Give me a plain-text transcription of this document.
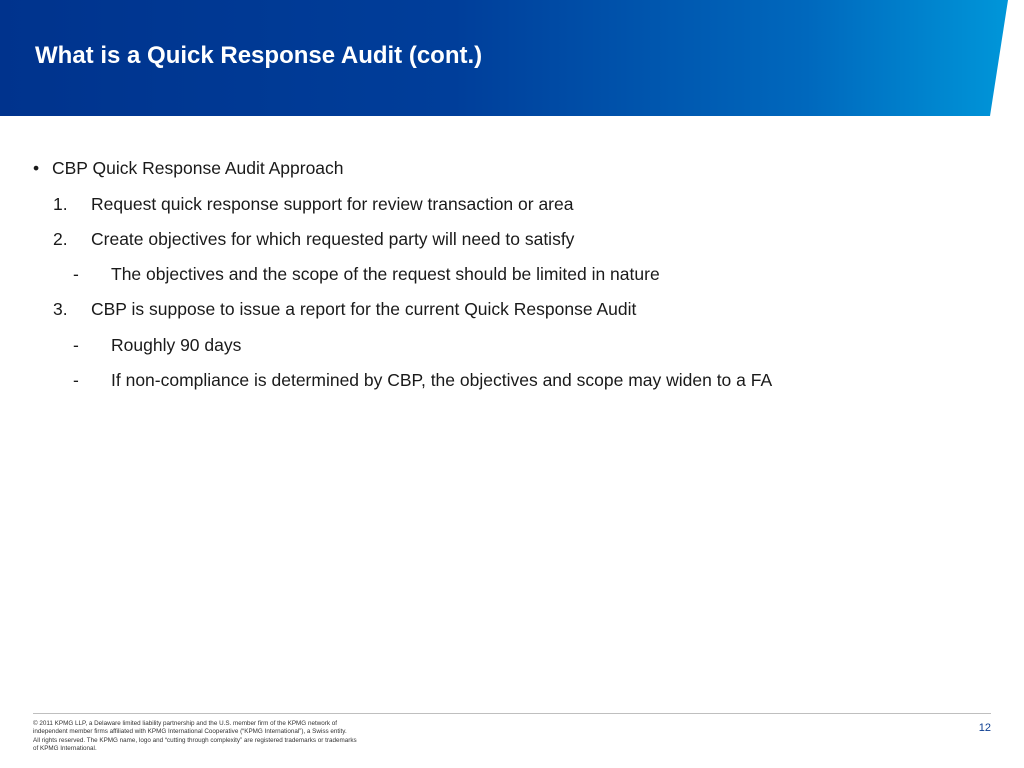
What is a Quick Response Audit (cont.)
• CBP Quick Response Audit Approach
1. Request quick response support for review transaction or area
2. Create objectives for which requested party will need to satisfy
- The objectives and the scope of the request should be limited in nature
3. CBP is suppose to issue a report for the current Quick Response Audit
- Roughly 90 days
- If non-compliance is determined by CBP, the objectives and scope may widen to a FA
© 2011 KPMG LLP, a Delaware limited liability partnership and the U.S. member firm of the KPMG network of
independent member firms affiliated with KPMG International Cooperative (“KPMG International”), a Swiss entity.
All rights reserved. The KPMG name, logo and “cutting through complexity” are registered trademarks or trademarks
of KPMG International.
12
